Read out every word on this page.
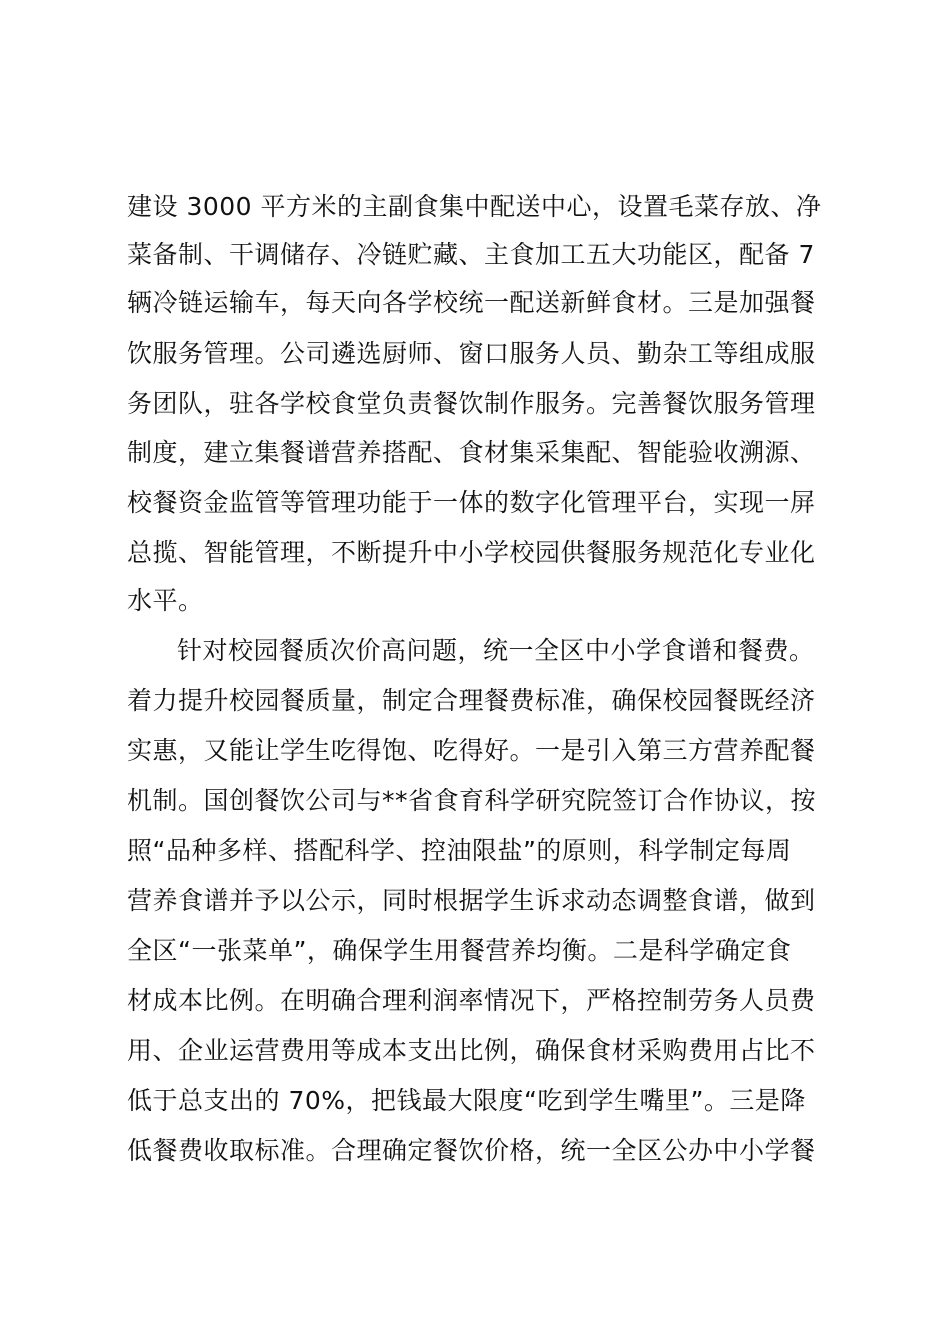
建设 3000 平方米的主副食集中配送中心，设置毛菜存放、净
菜备制、干调储存、冷链贮藏、主食加工五大功能区，配备 7
辆冷链运输车，每天向各学校统一配送新鲜食材。三是加强餐
饮服务管理。公司遴选厨师、窗口服务人员、勤杂工等组成服
务团队，驻各学校食堂负责餐饮制作服务。完善餐饮服务管理
制度，建立集餐谱营养搭配、食材集采集配、智能验收溯源、
校餐资金监管等管理功能于一体的数字化管理平台，实现一屏
总揽、智能管理，不断提升中小学校园供餐服务规范化专业化
水平。
针对校园餐质次价高问题，统一全区中小学食谱和餐费。
着力提升校园餐质量，制定合理餐费标准，确保校园餐既经济
实惠，又能让学生吃得饱、吃得好。一是引入第三方营养配餐
机制。国创餐饮公司与**省食育科学研究院签订合作协议，按
照“品种多样、搭配科学、控油限盐”的原则，科学制定每周
营养食谱并予以公示，同时根据学生诉求动态调整食谱，做到
全区“一张菜单”，确保学生用餐营养均衡。二是科学确定食
材成本比例。在明确合理利润率情况下，严格控制劳务人员费
用、企业运营费用等成本支出比例，确保食材采购费用占比不
低于总支出的 70%，把钱最大限度“吃到学生嘴里”。三是降
低餐费收取标准。合理确定餐饮价格，统一全区公办中小学餐
